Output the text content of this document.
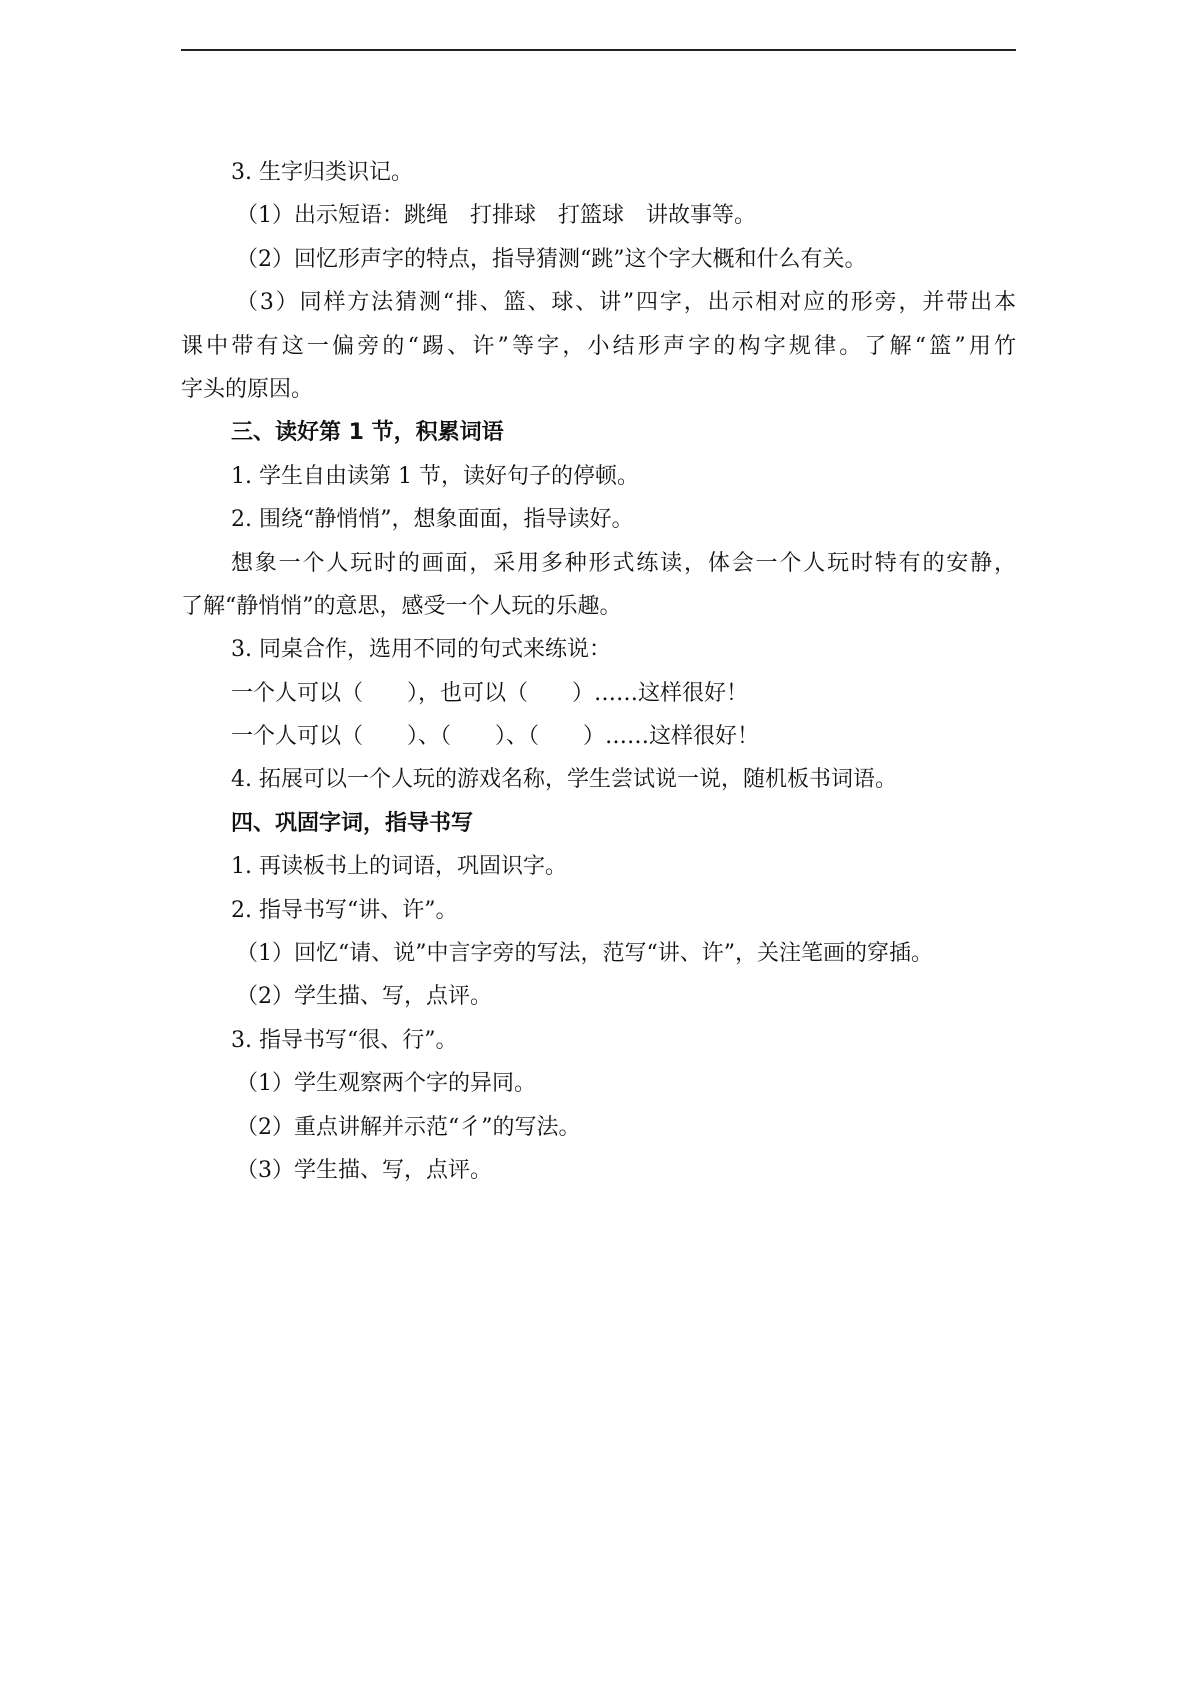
3. 生字归类识记。
（1）出示短语：跳绳　打排球　打篮球　讲故事等。
（2）回忆形声字的特点，指导猜测“跳”这个字大概和什么有关。
（3）同样方法猜测“排、篮、球、讲”四字，出示相对应的形旁，并带出本
课中带有这一偏旁的“踢、许”等字，小结形声字的构字规律。了解“篮”用竹
字头的原因。
三、读好第 1 节，积累词语
1. 学生自由读第 1 节，读好句子的停顿。
2. 围绕“静悄悄”，想象面面，指导读好。
想象一个人玩时的画面，采用多种形式练读，体会一个人玩时特有的安静，
了解“静悄悄”的意思，感受一个人玩的乐趣。
3. 同桌合作，选用不同的句式来练说：
一个人可以（　　），也可以（　　）……这样很好！
一个人可以（　　）、（　　）、（　　）……这样很好！
4. 拓展可以一个人玩的游戏名称，学生尝试说一说，随机板书词语。
四、巩固字词，指导书写
1. 再读板书上的词语，巩固识字。
2. 指导书写“讲、许”。
（1）回忆“请、说”中言字旁的写法，范写“讲、许”，关注笔画的穿插。
（2）学生描、写，点评。
3. 指导书写“很、行”。
（1）学生观察两个字的异同。
（2）重点讲解并示范“彳”的写法。
（3）学生描、写，点评。
